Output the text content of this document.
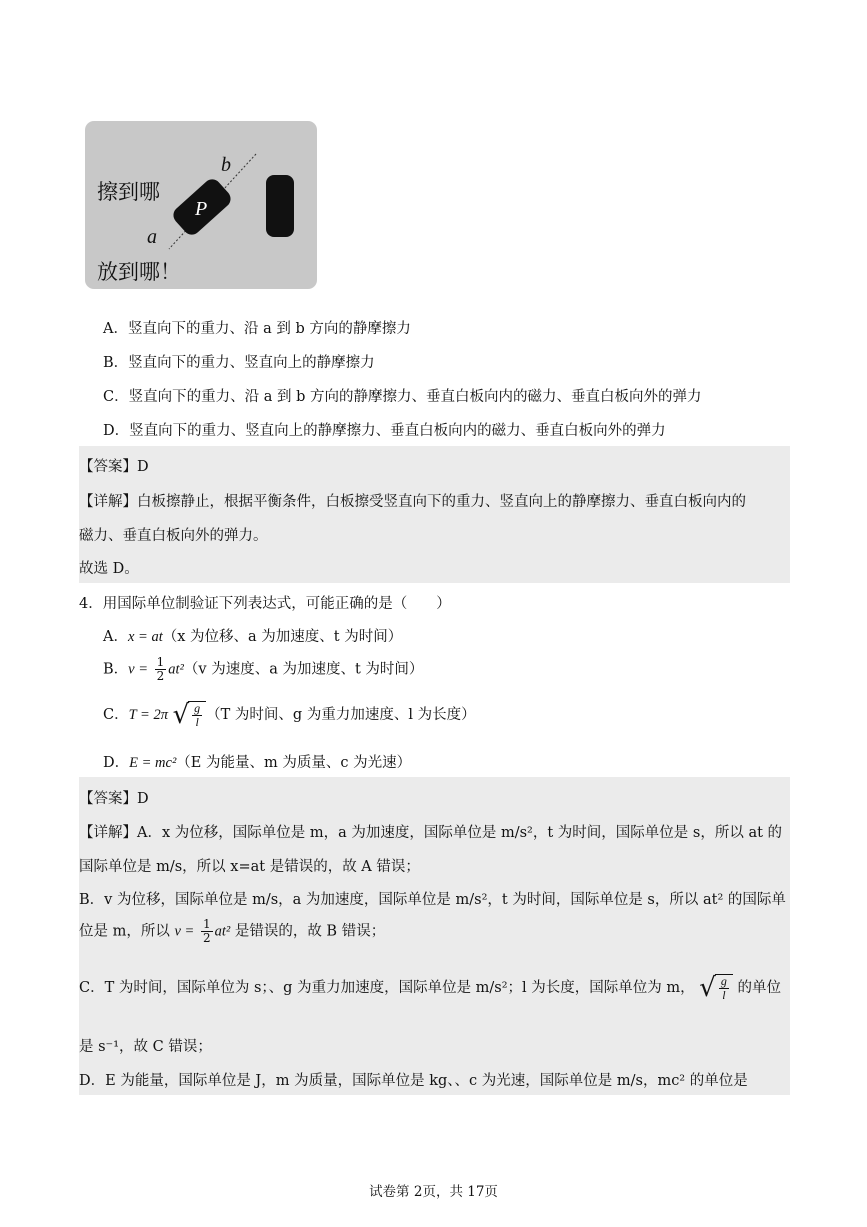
擦到哪
放到哪！
b
a
P
A．竖直向下的重力、沿 a 到 b 方向的静摩擦力
B．竖直向下的重力、竖直向上的静摩擦力
C．竖直向下的重力、沿 a 到 b 方向的静摩擦力、垂直白板向内的磁力、垂直白板向外的弹力
D．竖直向下的重力、竖直向上的静摩擦力、垂直白板向内的磁力、垂直白板向外的弹力
【答案】D
【详解】白板擦静止，根据平衡条件，白板擦受竖直向下的重力、竖直向上的静摩擦力、垂直白板向内的
磁力、垂直白板向外的弹力。
故选 D。
4．用国际单位制验证下列表达式，可能正确的是（　　）
A．x = at（x 为位移、a 为加速度、t 为时间）
B．$v = \frac{1}{2} at^2(v$ 为速度、a 为加速度、t 为时间）
C．T = 2π √ $\frac{g}{l} (T$ 为时间、g 为重力加速度、l 为长度）
D．E = mc²（E 为能量、m 为质量、c 为光速）
【答案】D
【详解】A．x 为位移，国际单位是 m，a 为加速度，国际单位是 m/s²，t 为时间，国际单位是 s，所以 at 的
国际单位是 m/s，所以 x=at 是错误的，故 A 错误；
B．v 为位移，国际单位是 m/s，a 为加速度，国际单位是 m/s²，t 为时间，国际单位是 s，所以 at² 的国际单
位是 m，所以 $v = \frac{1}{2} at^2$ 是错误的，故 B 错误；
C．T 为时间，国际单位为 s；、g 为重力加速度，国际单位是 m/s²；l 为长度，国际单位为 m， √ $\frac{g}{l}$ 的单位
是 s⁻¹，故 C 错误；
D．E 为能量，国际单位是 J，m 为质量，国际单位是 kg、、c 为光速，国际单位是 m/s，mc² 的单位是
试卷第 2页，共 17页
